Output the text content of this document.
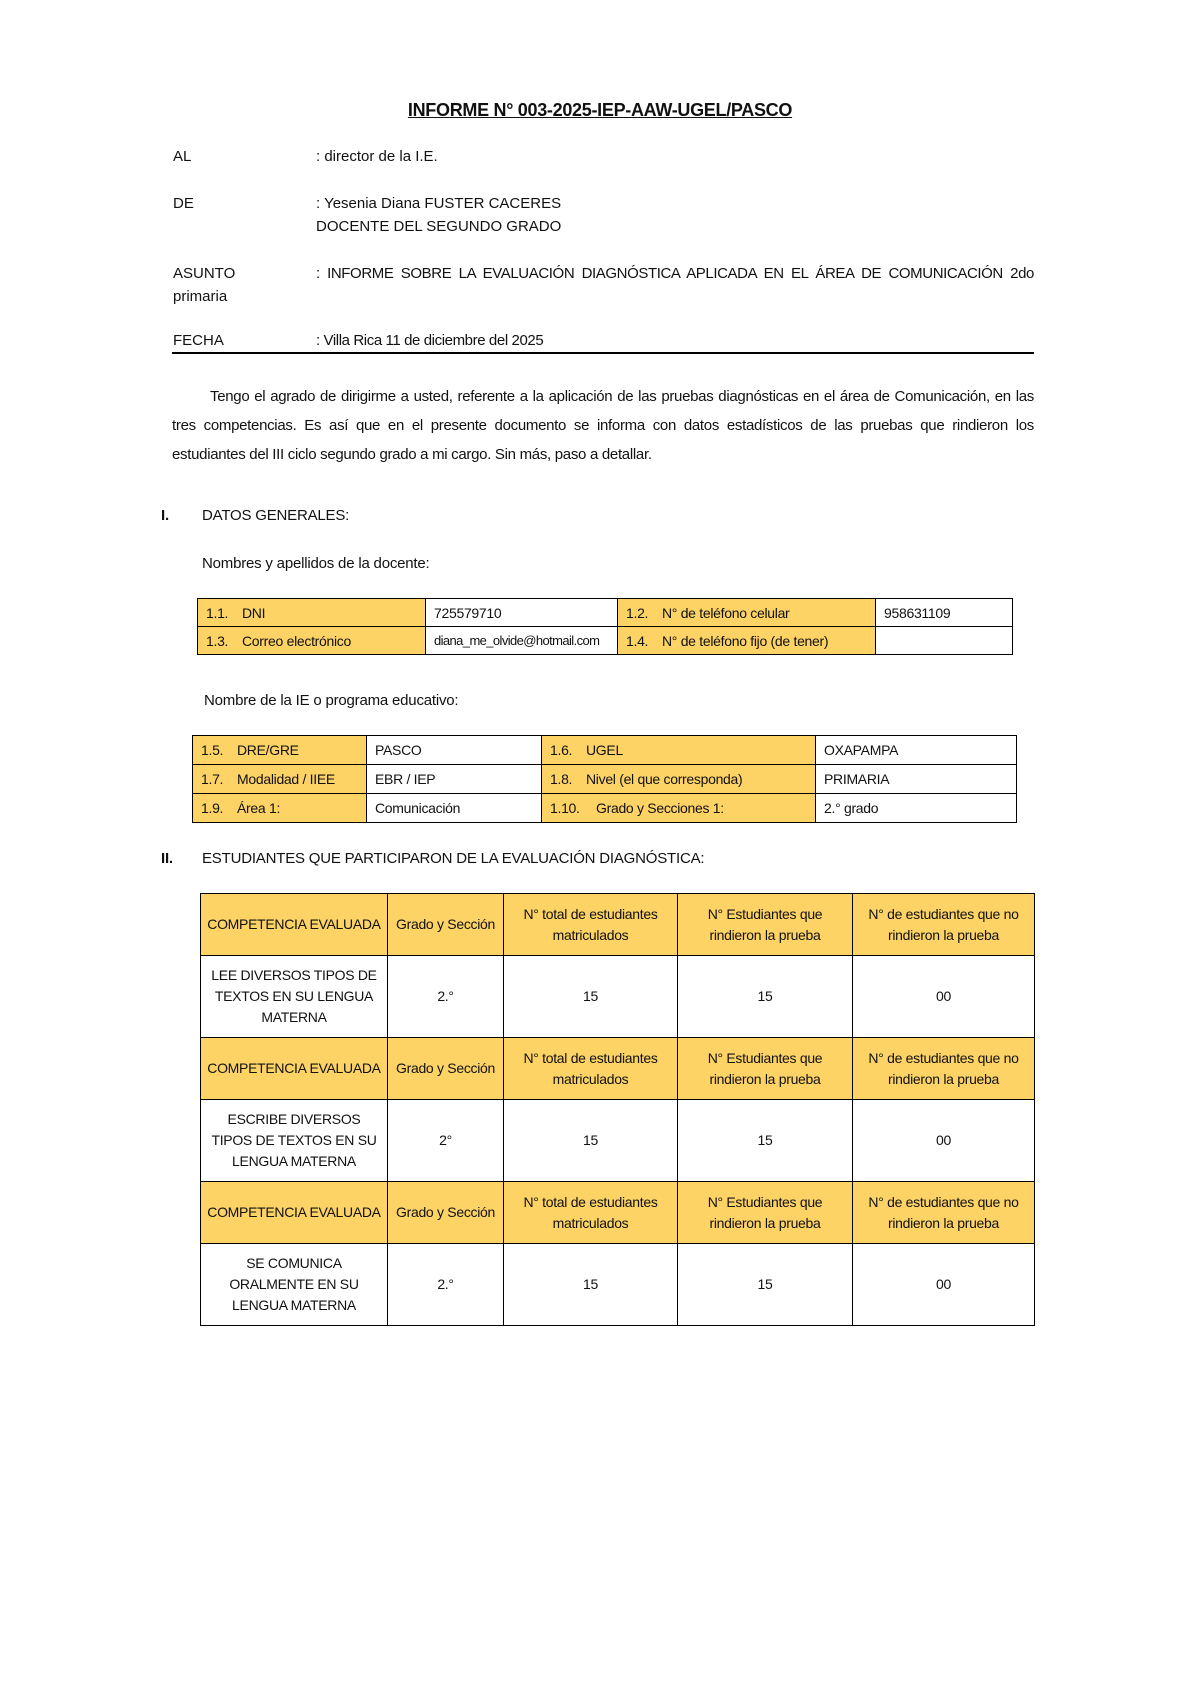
INFORME N° 003-2025-IEP-AAW-UGEL/PASCO
AL	: director de la I.E.
DE	: Yesenia Diana FUSTER CACERES
DOCENTE DEL SEGUNDO GRADO
ASUNTO	: INFORME SOBRE LA EVALUACIÓN DIAGNÓSTICA APLICADA EN EL ÁREA DE COMUNICACIÓN 2do
primaria
FECHA	: Villa Rica 11 de diciembre del 2025
Tengo el agrado de dirigirme a usted, referente a la aplicación de las pruebas diagnósticas en el área de Comunicación, en las tres competencias. Es así que en el presente documento se informa con datos estadísticos de las pruebas que rindieron los estudiantes del III ciclo segundo grado a mi cargo. Sin más, paso a detallar.
I. DATOS GENERALES:
Nombres y apellidos de la docente:
1.1. DNI	725579710	1.2. N° de teléfono celular	958631109
1.3. Correo electrónico	diana_me_olvide@hotmail.com	1.4. N° de teléfono fijo (de tener)	
Nombre de la IE o programa educativo:
1.5. DRE/GRE	PASCO	1.6. UGEL	OXAPAMPA
1.7. Modalidad / IIEE	EBR / IEP	1.8. Nivel (el que corresponda)	PRIMARIA
1.9. Área 1:	Comunicación	1.10. Grado y Secciones 1:	2.° grado
II. ESTUDIANTES QUE PARTICIPARON DE LA EVALUACIÓN DIAGNÓSTICA:
COMPETENCIA EVALUADA	Grado y Sección	N° total de estudiantes matriculados	N° Estudiantes que rindieron la prueba	N° de estudiantes que no rindieron la prueba
LEE DIVERSOS TIPOS DE TEXTOS EN SU LENGUA MATERNA	2.°	15	15	00
COMPETENCIA EVALUADA	Grado y Sección	N° total de estudiantes matriculados	N° Estudiantes que rindieron la prueba	N° de estudiantes que no rindieron la prueba
ESCRIBE DIVERSOS TIPOS DE TEXTOS EN SU LENGUA MATERNA	2°	15	15	00
COMPETENCIA EVALUADA	Grado y Sección	N° total de estudiantes matriculados	N° Estudiantes que rindieron la prueba	N° de estudiantes que no rindieron la prueba
SE COMUNICA ORALMENTE EN SU LENGUA MATERNA	2.°	15	15	00
